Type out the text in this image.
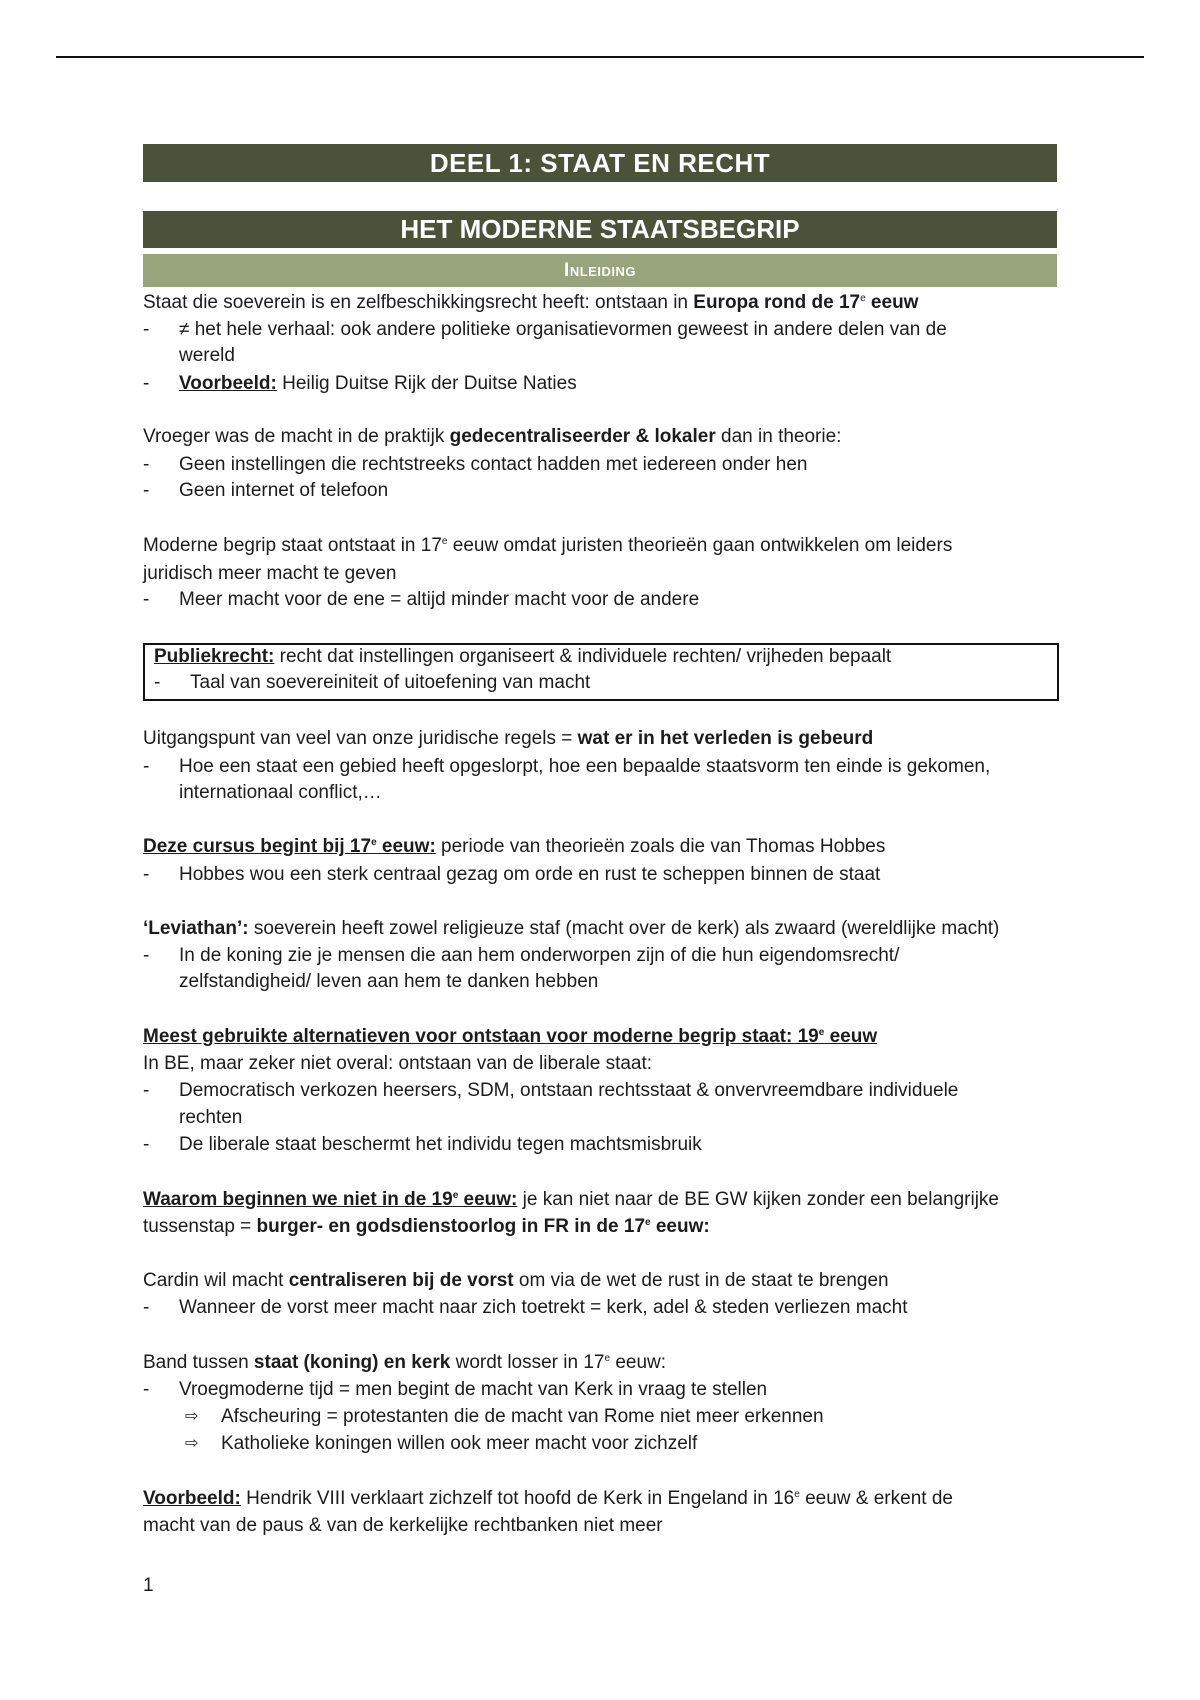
DEEL 1: STAAT EN RECHT
HET MODERNE STAATSBEGRIP
Inleiding
Staat die soeverein is en zelfbeschikkingsrecht heeft: ontstaan in Europa rond de 17e eeuw
- ≠ het hele verhaal: ook andere politieke organisatievormen geweest in andere delen van de
wereld
- Voorbeeld: Heilig Duitse Rijk der Duitse Naties
Vroeger was de macht in de praktijk gedecentraliseerder & lokaler dan in theorie:
- Geen instellingen die rechtstreeks contact hadden met iedereen onder hen
- Geen internet of telefoon
Moderne begrip staat ontstaat in 17e eeuw omdat juristen theorieën gaan ontwikkelen om leiders
juridisch meer macht te geven
- Meer macht voor de ene = altijd minder macht voor de andere
Publiekrecht: recht dat instellingen organiseert & individuele rechten/ vrijheden bepaalt
- Taal van soevereiniteit of uitoefening van macht
Uitgangspunt van veel van onze juridische regels = wat er in het verleden is gebeurd
- Hoe een staat een gebied heeft opgeslorpt, hoe een bepaalde staatsvorm ten einde is gekomen,
internationaal conflict,…
Deze cursus begint bij 17e eeuw: periode van theorieën zoals die van Thomas Hobbes
- Hobbes wou een sterk centraal gezag om orde en rust te scheppen binnen de staat
‘Leviathan’: soeverein heeft zowel religieuze staf (macht over de kerk) als zwaard (wereldlijke macht)
- In de koning zie je mensen die aan hem onderworpen zijn of die hun eigendomsrecht/
zelfstandigheid/ leven aan hem te danken hebben
Meest gebruikte alternatieven voor ontstaan voor moderne begrip staat: 19e eeuw
In BE, maar zeker niet overal: ontstaan van de liberale staat:
- Democratisch verkozen heersers, SDM, ontstaan rechtsstaat & onvervreemdbare individuele
rechten
- De liberale staat beschermt het individu tegen machtsmisbruik
Waarom beginnen we niet in de 19e eeuw: je kan niet naar de BE GW kijken zonder een belangrijke
tussenstap = burger- en godsdienstoorlog in FR in de 17e eeuw:
Cardin wil macht centraliseren bij de vorst om via de wet de rust in de staat te brengen
- Wanneer de vorst meer macht naar zich toetrekt = kerk, adel & steden verliezen macht
Band tussen staat (koning) en kerk wordt losser in 17e eeuw:
- Vroegmoderne tijd = men begint de macht van Kerk in vraag te stellen
⇨ Afscheuring = protestanten die de macht van Rome niet meer erkennen
⇨ Katholieke koningen willen ook meer macht voor zichzelf
Voorbeeld: Hendrik VIII verklaart zichzelf tot hoofd de Kerk in Engeland in 16e eeuw & erkent de
macht van de paus & van de kerkelijke rechtbanken niet meer
1
